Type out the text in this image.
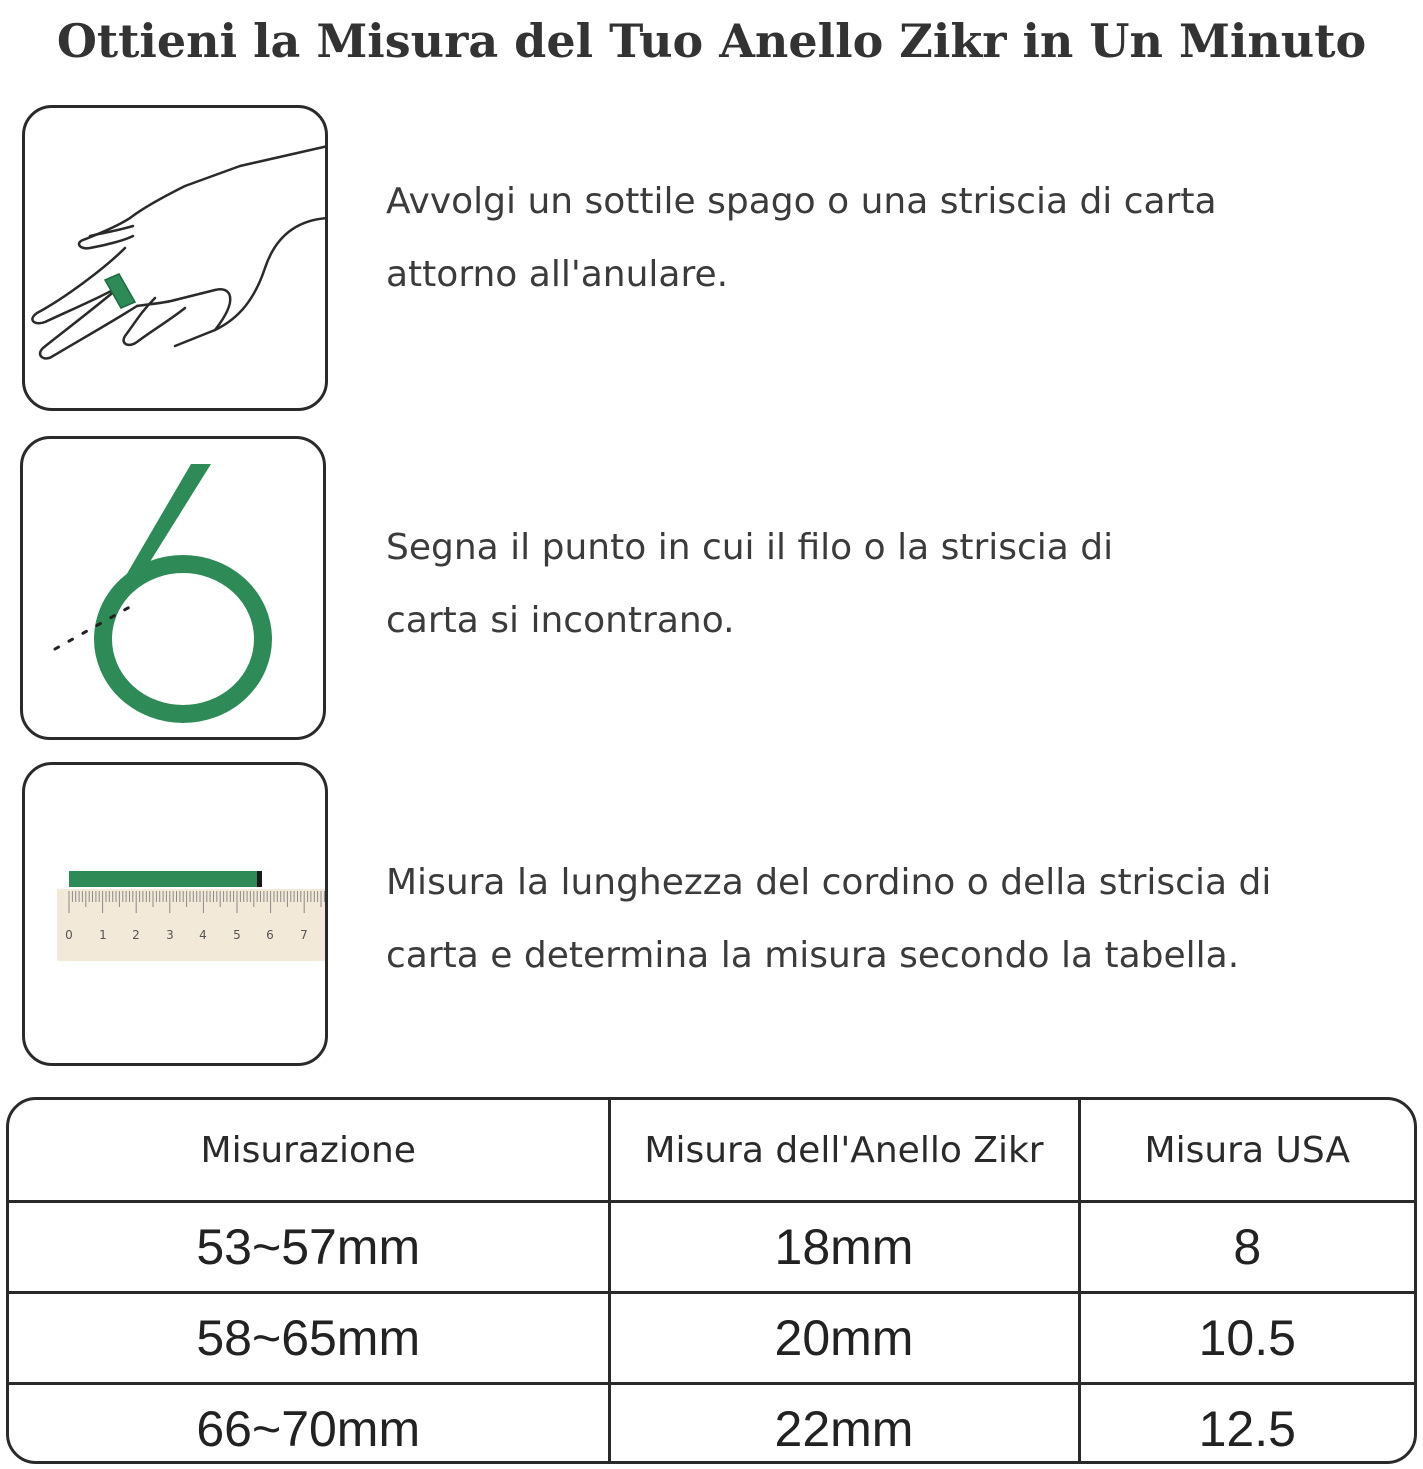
Ottieni la Misura del Tuo Anello Zikr in Un Minuto

Avvolgi un sottile spago o una striscia di carta

attorno all'anulare.

Segna il punto in cui il filo o la striscia di

carta si incontrano.

0 1 2 3 4 5 6 7

Misura la lunghezza del cordino o della striscia di

carta e determina la misura secondo la tabella.

Misurazione	Misura dell'Anello Zikr	Misura USA
53~57mm	18mm	8
58~65mm	20mm	10.5
66~70mm	22mm	12.5
